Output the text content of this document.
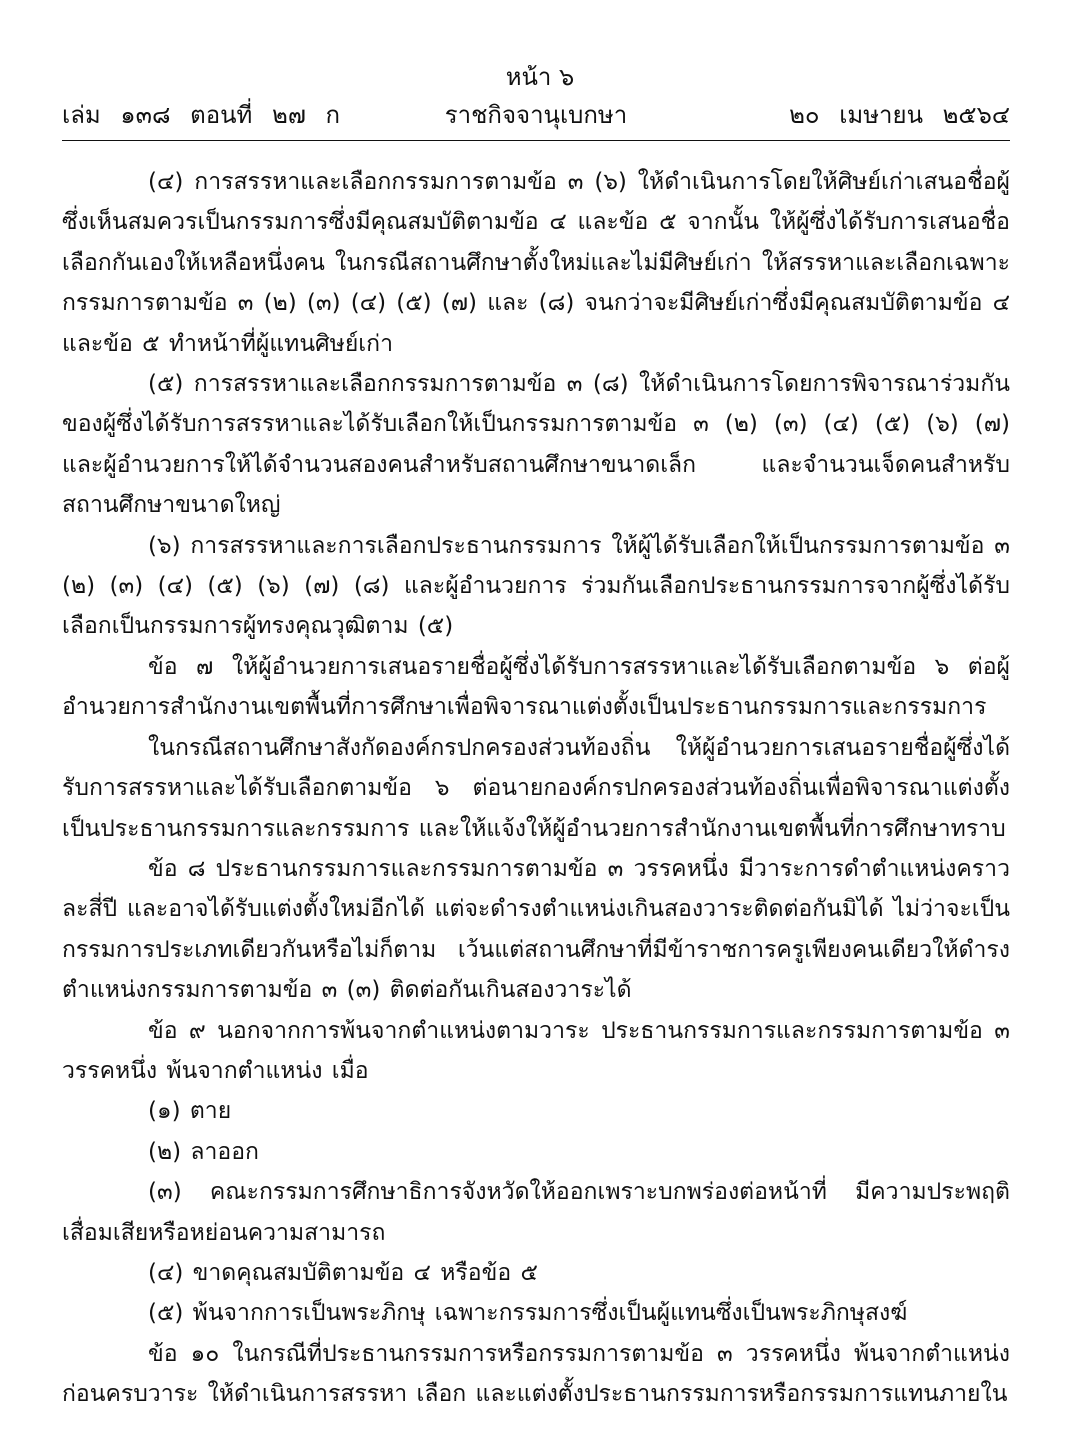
หน้า ๖
เล่ม ๑๓๘ ตอนที่ ๒๗ ก	ราชกิจจานุเบกษา	๒๐ เมษายน ๒๕๖๔

(๔) การสรรหาและเลือกกรรมการตามข้อ ๓ (๖) ให้ดำเนินการโดยให้ศิษย์เก่าเสนอชื่อผู้ซึ่งเห็นสมควรเป็นกรรมการซึ่งมีคุณสมบัติตามข้อ ๔ และข้อ ๕ จากนั้น ให้ผู้ซึ่งได้รับการเสนอชื่อเลือกกันเองให้เหลือหนึ่งคน ในกรณีสถานศึกษาตั้งใหม่และไม่มีศิษย์เก่า ให้สรรหาและเลือกเฉพาะกรรมการตามข้อ ๓ (๒) (๓) (๔) (๕) (๗) และ (๘) จนกว่าจะมีศิษย์เก่าซึ่งมีคุณสมบัติตามข้อ ๔ และข้อ ๕ ทำหน้าที่ผู้แทนศิษย์เก่า

(๕) การสรรหาและเลือกกรรมการตามข้อ ๓ (๘) ให้ดำเนินการโดยการพิจารณาร่วมกันของผู้ซึ่งได้รับการสรรหาและได้รับเลือกให้เป็นกรรมการตามข้อ ๓ (๒) (๓) (๔) (๕) (๖) (๗) และผู้อำนวยการให้ได้จำนวนสองคนสำหรับสถานศึกษาขนาดเล็ก และจำนวนเจ็ดคนสำหรับสถานศึกษาขนาดใหญ่

(๖) การสรรหาและการเลือกประธานกรรมการ ให้ผู้ได้รับเลือกให้เป็นกรรมการตามข้อ ๓ (๒) (๓) (๔) (๕) (๖) (๗) (๘) และผู้อำนวยการ ร่วมกันเลือกประธานกรรมการจากผู้ซึ่งได้รับเลือกเป็นกรรมการผู้ทรงคุณวุฒิตาม (๕)

ข้อ ๗ ให้ผู้อำนวยการเสนอรายชื่อผู้ซึ่งได้รับการสรรหาและได้รับเลือกตามข้อ ๖ ต่อผู้อำนวยการสำนักงานเขตพื้นที่การศึกษาเพื่อพิจารณาแต่งตั้งเป็นประธานกรรมการและกรรมการ

ในกรณีสถานศึกษาสังกัดองค์กรปกครองส่วนท้องถิ่น ให้ผู้อำนวยการเสนอรายชื่อผู้ซึ่งได้รับการสรรหาและได้รับเลือกตามข้อ ๖ ต่อนายกองค์กรปกครองส่วนท้องถิ่นเพื่อพิจารณาแต่งตั้งเป็นประธานกรรมการและกรรมการ และให้แจ้งให้ผู้อำนวยการสำนักงานเขตพื้นที่การศึกษาทราบ

ข้อ ๘ ประธานกรรมการและกรรมการตามข้อ ๓ วรรคหนึ่ง มีวาระการดำตำแหน่งคราวละสี่ปี และอาจได้รับแต่งตั้งใหม่อีกได้ แต่จะดำรงตำแหน่งเกินสองวาระติดต่อกันมิได้ ไม่ว่าจะเป็นกรรมการประเภทเดียวกันหรือไม่ก็ตาม เว้นแต่สถานศึกษาที่มีข้าราชการครูเพียงคนเดียวให้ดำรงตำแหน่งกรรมการตามข้อ ๓ (๓) ติดต่อกันเกินสองวาระได้

ข้อ ๙ นอกจากการพ้นจากตำแหน่งตามวาระ ประธานกรรมการและกรรมการตามข้อ ๓ วรรคหนึ่ง พ้นจากตำแหน่ง เมื่อ

(๑) ตาย

(๒) ลาออก

(๓) คณะกรรมการศึกษาธิการจังหวัดให้ออกเพราะบกพร่องต่อหน้าที่ มีความประพฤติเสื่อมเสียหรือหย่อนความสามารถ

(๔) ขาดคุณสมบัติตามข้อ ๔ หรือข้อ ๕

(๕) พ้นจากการเป็นพระภิกษุ เฉพาะกรรมการซึ่งเป็นผู้แทนซึ่งเป็นพระภิกษุสงฆ์

ข้อ ๑๐ ในกรณีที่ประธานกรรมการหรือกรรมการตามข้อ ๓ วรรคหนึ่ง พ้นจากตำแหน่งก่อนครบวาระ ให้ดำเนินการสรรหา เลือก และแต่งตั้งประธานกรรมการหรือกรรมการแทนภายใน
